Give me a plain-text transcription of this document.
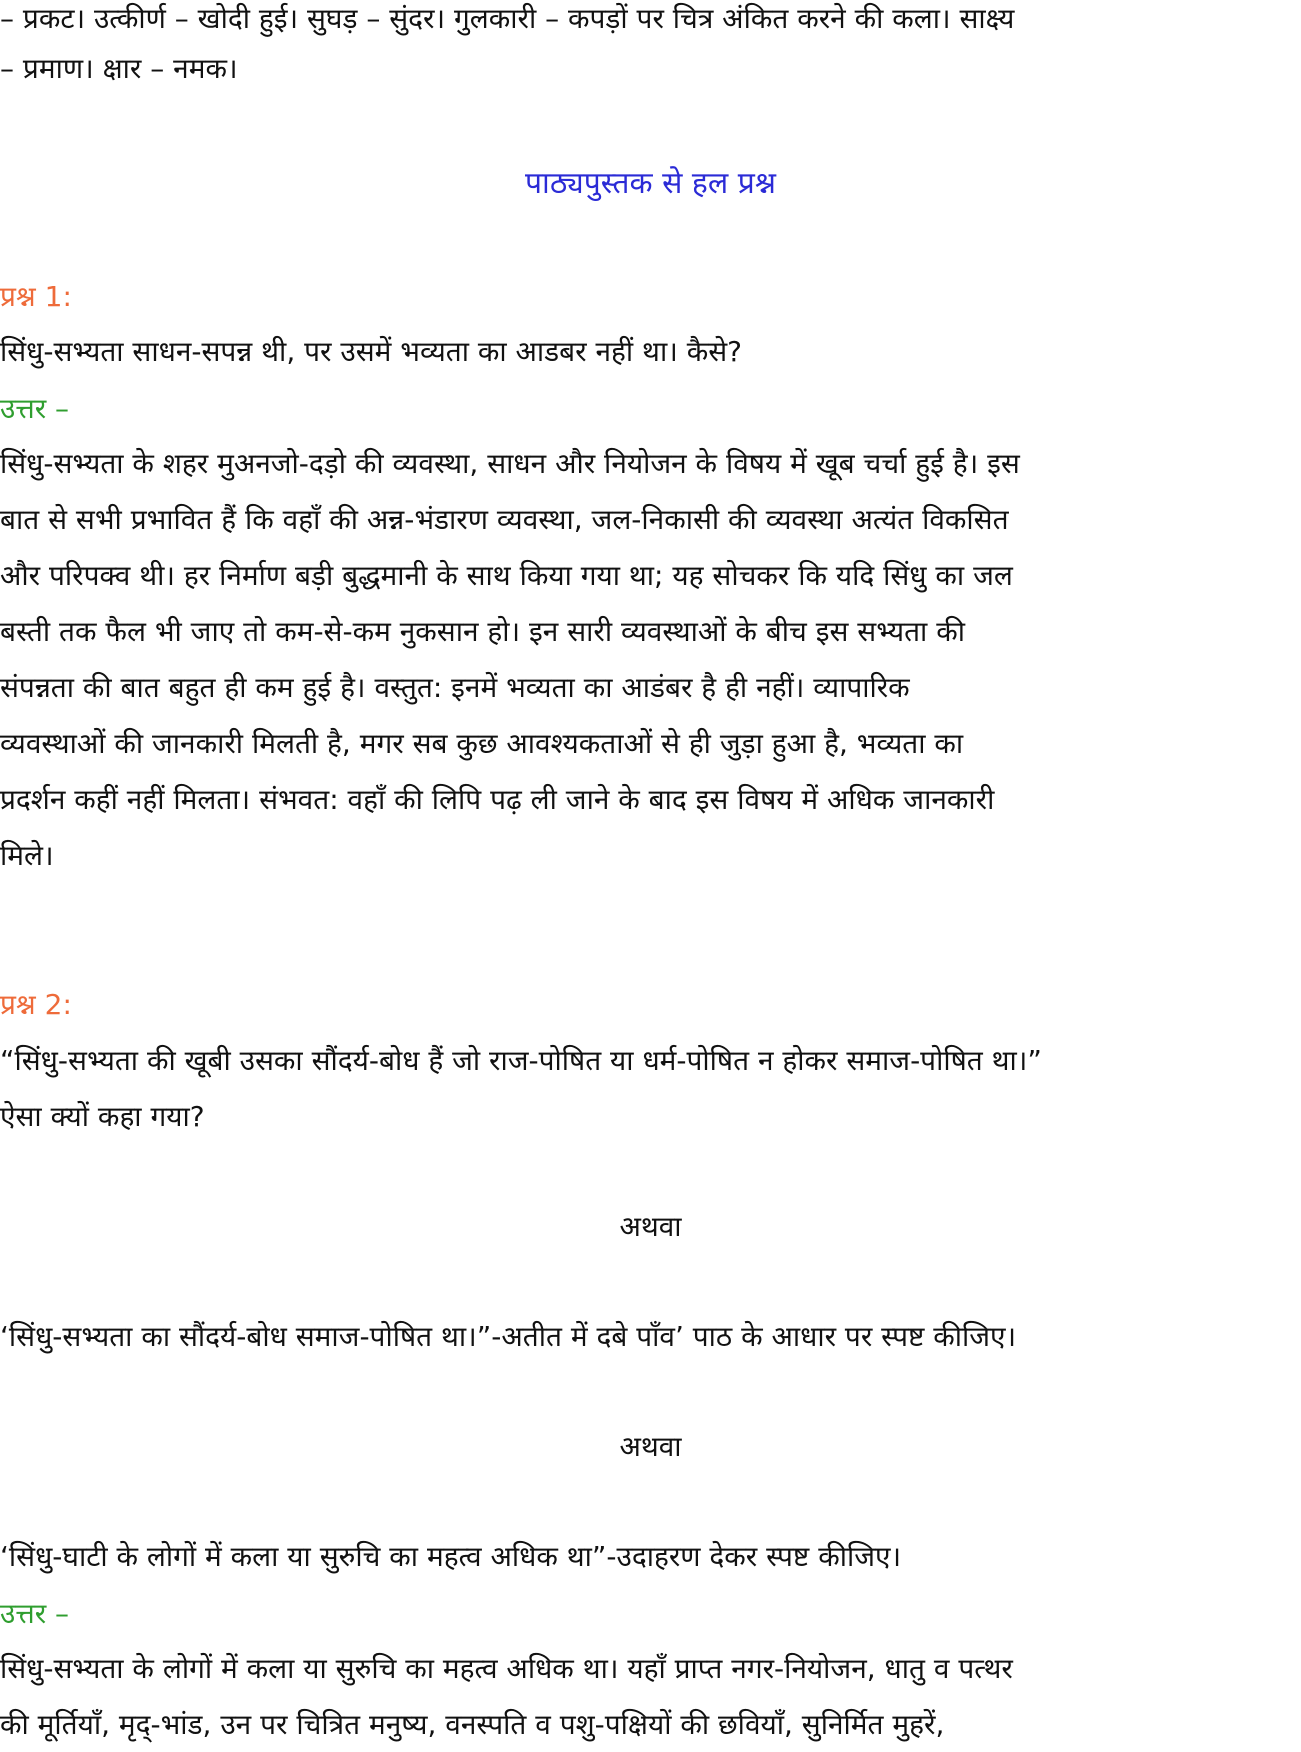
– प्रकट। उत्कीर्ण – खोदी हुई। सुघड़ – सुंदर। गुलकारी – कपड़ों पर चित्र अंकित करने की कला। साक्ष्य
– प्रमाण। क्षार – नमक।
पाठ्यपुस्तक से हल प्रश्न
प्रश्न 1:
सिंधु-सभ्यता साधन-सपन्न थी, पर उसमें भव्यता का आडबर नहीं था। कैसे?
उत्तर –
सिंधु-सभ्यता के शहर मुअनजो-दड़ो की व्यवस्था, साधन और नियोजन के विषय में खूब चर्चा हुई है। इस
बात से सभी प्रभावित हैं कि वहाँ की अन्न-भंडारण व्यवस्था, जल-निकासी की व्यवस्था अत्यंत विकसित
और परिपक्व थी। हर निर्माण बड़ी बुद्धमानी के साथ किया गया था; यह सोचकर कि यदि सिंधु का जल
बस्ती तक फैल भी जाए तो कम-से-कम नुकसान हो। इन सारी व्यवस्थाओं के बीच इस सभ्यता की
संपन्नता की बात बहुत ही कम हुई है। वस्तुत: इनमें भव्यता का आडंबर है ही नहीं। व्यापारिक
व्यवस्थाओं की जानकारी मिलती है, मगर सब कुछ आवश्यकताओं से ही जुड़ा हुआ है, भव्यता का
प्रदर्शन कहीं नहीं मिलता। संभवत: वहाँ की लिपि पढ़ ली जाने के बाद इस विषय में अधिक जानकारी
मिले।
प्रश्न 2:
“सिंधु-सभ्यता की खूबी उसका सौंदर्य-बोध हैं जो राज-पोषित या धर्म-पोषित न होकर समाज-पोषित था।”
ऐसा क्यों कहा गया?
अथवा
‘सिंधु-सभ्यता का सौंदर्य-बोध समाज-पोषित था।”-अतीत में दबे पाँव’ पाठ के आधार पर स्पष्ट कीजिए।
अथवा
‘सिंधु-घाटी के लोगों में कला या सुरुचि का महत्व अधिक था”-उदाहरण देकर स्पष्ट कीजिए।
उत्तर –
सिंधु-सभ्यता के लोगों में कला या सुरुचि का महत्व अधिक था। यहाँ प्राप्त नगर-नियोजन, धातु व पत्थर
की मूर्तियाँ, मृद्-भांड, उन पर चित्रित मनुष्य, वनस्पति व पशु-पक्षियों की छवियाँ, सुनिर्मित मुहरें,
